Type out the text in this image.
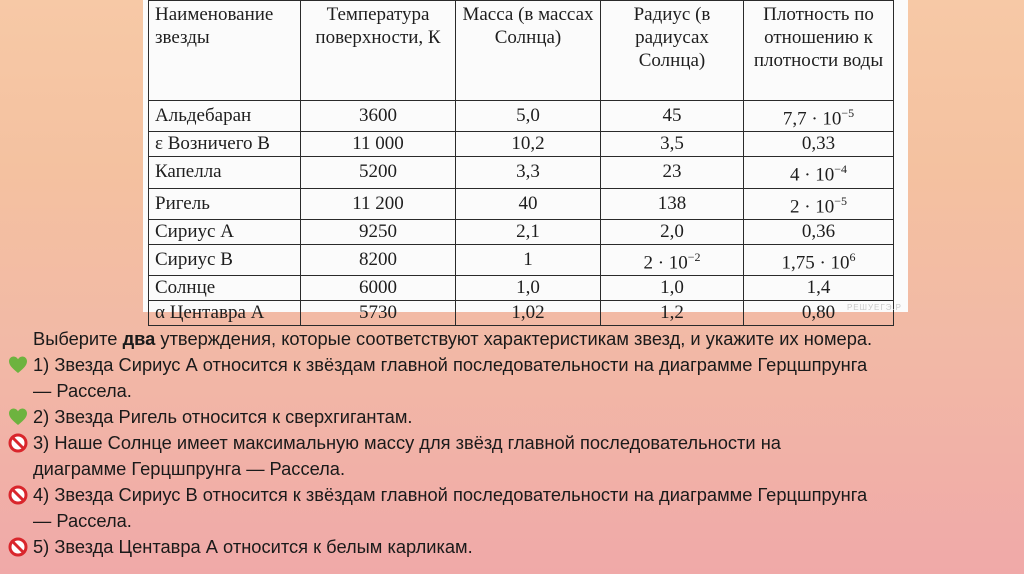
Наименование звезды	Температура поверхности, К	Масса (в массах Солнца)	Радиус (в радиусах Солнца)	Плотность по отношению к плотности воды
Альдебаран	3600	5,0	45	$7,7 \cdot 10^{-5}$
ε Возничего В	11 000	10,2	3,5	0,33
Капелла	5200	3,3	23	$4 \cdot 10^{-4}$
Ригель	11 200	40	138	$2 \cdot 10^{-5}$
Сириус А	9250	2,1	2,0	0,36
Сириус В	8200	1	$2 \cdot 10^{-2}$	$1,75 \cdot 10^6$
Солнце	6000	1,0	1,0	1,4
α Центавра А	5730	1,02	1,2	0,80 РЕШУЕГЭ.Р
Выберите два утверждения, которые соответствуют характеристикам звезд, и укажите их номера.
1) Звезда Сириус А относится к звёздам главной последовательности на диаграмме Герцшпрунга
— Рассела.
2) Звезда Ригель относится к сверхгигантам.
3) Наше Солнце имеет максимальную массу для звёзд главной последовательности на
диаграмме Герцшпрунга — Рассела.
4) Звезда Сириус В относится к звёздам главной последовательности на диаграмме Герцшпрунга
— Рассела.
5) Звезда Центавра А относится к белым карликам.
